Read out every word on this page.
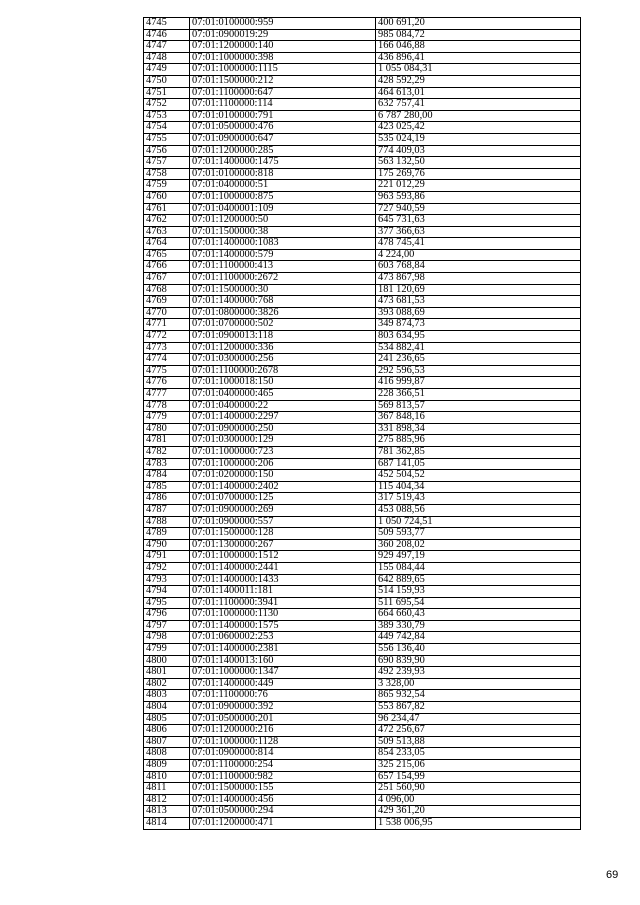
4745	07:01:0100000:959	400 691,20
4746	07:01:0900019:29	985 084,72
4747	07:01:1200000:140	166 046,88
4748	07:01:1000000:398	436 896,41
4749	07:01:1000000:1115	1 055 084,31
4750	07:01:1500000:212	428 592,29
4751	07:01:1100000:647	464 613,01
4752	07:01:1100000:114	632 757,41
4753	07:01:0100000:791	6 787 280,00
4754	07:01:0500000:476	423 025,42
4755	07:01:0900000:647	535 024,19
4756	07:01:1200000:285	774 409,03
4757	07:01:1400000:1475	563 132,50
4758	07:01:0100000:818	175 269,76
4759	07:01:0400000:51	221 012,29
4760	07:01:1000000:875	963 593,86
4761	07:01:0400001:109	727 940,59
4762	07:01:1200000:50	645 731,63
4763	07:01:1500000:38	377 366,63
4764	07:01:1400000:1083	478 745,41
4765	07:01:1400000:579	4 224,00
4766	07:01:1100000:413	603 768,84
4767	07:01:1100000:2672	473 867,98
4768	07:01:1500000:30	181 120,69
4769	07:01:1400000:768	473 681,53
4770	07:01:0800000:3826	393 088,69
4771	07:01:0700000:502	349 874,73
4772	07:01:0900013:118	803 634,95
4773	07:01:1200000:336	534 882,41
4774	07:01:0300000:256	241 236,65
4775	07:01:1100000:2678	292 596,53
4776	07:01:1000018:150	416 999,87
4777	07:01:0400000:465	228 366,51
4778	07:01:0400000:22	569 813,57
4779	07:01:1400000:2297	367 848,16
4780	07:01:0900000:250	331 898,34
4781	07:01:0300000:129	275 885,96
4782	07:01:1000000:723	781 362,85
4783	07:01:1000000:206	687 141,05
4784	07:01:0200000:150	452 504,52
4785	07:01:1400000:2402	115 404,34
4786	07:01:0700000:125	317 519,43
4787	07:01:0900000:269	453 088,56
4788	07:01:0900000:557	1 050 724,51
4789	07:01:1500000:128	509 593,77
4790	07:01:1300000:267	360 208,02
4791	07:01:1000000:1512	929 497,19
4792	07:01:1400000:2441	155 084,44
4793	07:01:1400000:1433	642 889,65
4794	07:01:1400011:181	514 159,93
4795	07:01:1100000:3941	511 695,54
4796	07:01:1000000:1130	664 660,43
4797	07:01:1400000:1575	389 330,79
4798	07:01:0600002:253	449 742,84
4799	07:01:1400000:2381	556 136,40
4800	07:01:1400013:160	690 839,90
4801	07:01:1000000:1347	492 239,93
4802	07:01:1400000:449	3 328,00
4803	07:01:1100000:76	865 932,54
4804	07:01:0900000:392	553 867,82
4805	07:01:0500000:201	96 234,47
4806	07:01:1200000:216	472 256,67
4807	07:01:1000000:1128	509 513,88
4808	07:01:0900000:814	854 233,05
4809	07:01:1100000:254	325 215,06
4810	07:01:1100000:982	657 154,99
4811	07:01:1500000:155	251 560,90
4812	07:01:1400000:456	4 096,00
4813	07:01:0500000:294	429 361,20
4814	07:01:1200000:471	1 538 006,95
69
